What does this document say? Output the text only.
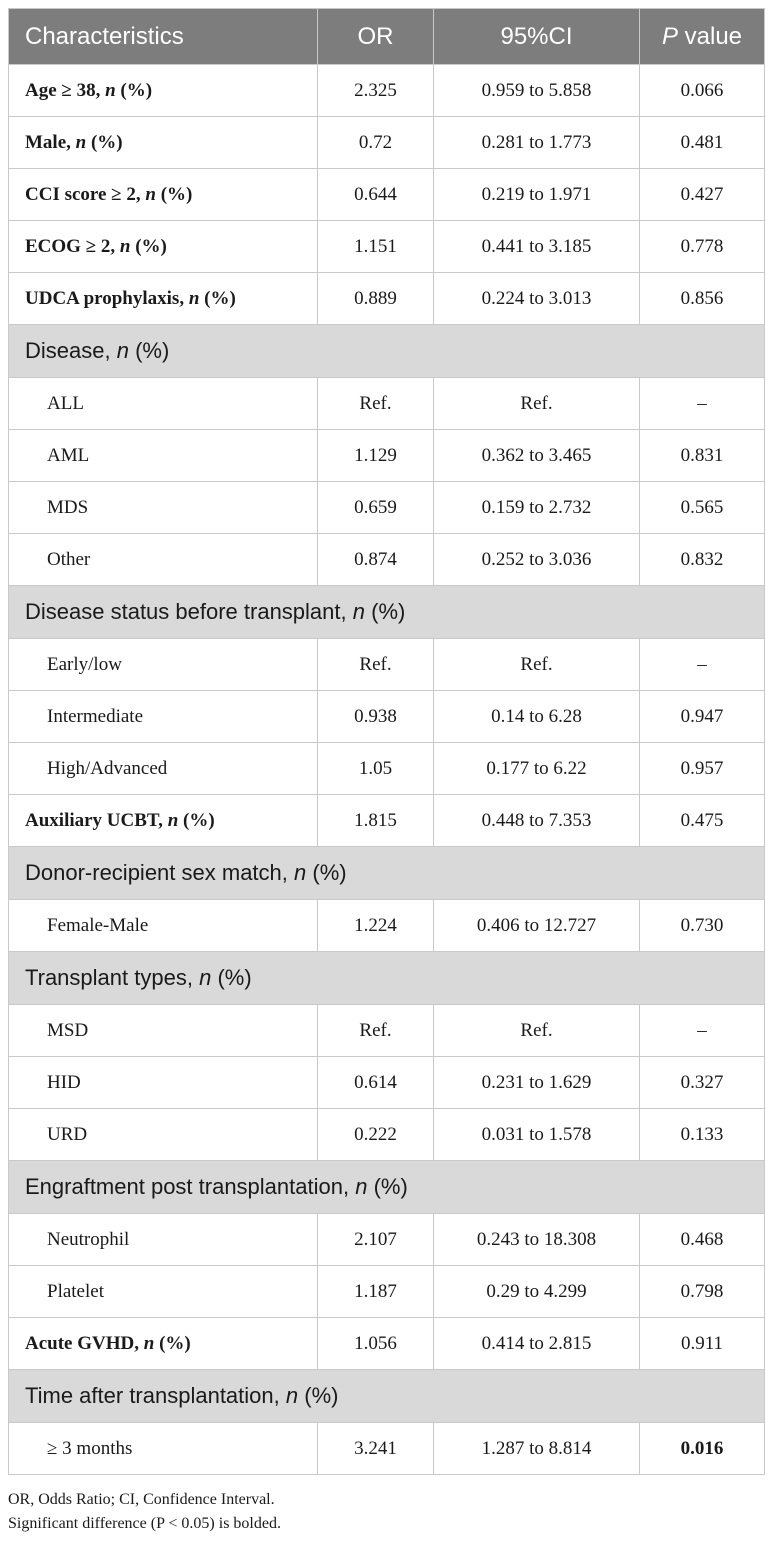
Characteristics	OR	95%CI	P value
Age ≥ 38, n (%)	2.325	0.959 to 5.858	0.066
Male, n (%)	0.72	0.281 to 1.773	0.481
CCI score ≥ 2, n (%)	0.644	0.219 to 1.971	0.427
ECOG ≥ 2, n (%)	1.151	0.441 to 3.185	0.778
UDCA prophylaxis, n (%)	0.889	0.224 to 3.013	0.856
Disease, n (%)			
ALL	Ref.	Ref.	–
AML	1.129	0.362 to 3.465	0.831
MDS	0.659	0.159 to 2.732	0.565
Other	0.874	0.252 to 3.036	0.832
Disease status before transplant, n (%)			
Early/low	Ref.	Ref.	–
Intermediate	0.938	0.14 to 6.28	0.947
High/Advanced	1.05	0.177 to 6.22	0.957
Auxiliary UCBT, n (%)	1.815	0.448 to 7.353	0.475
Donor-recipient sex match, n (%)			
Female-Male	1.224	0.406 to 12.727	0.730
Transplant types, n (%)			
MSD	Ref.	Ref.	–
HID	0.614	0.231 to 1.629	0.327
URD	0.222	0.031 to 1.578	0.133
Engraftment post transplantation, n (%)			
Neutrophil	2.107	0.243 to 18.308	0.468
Platelet	1.187	0.29 to 4.299	0.798
Acute GVHD, n (%)	1.056	0.414 to 2.815	0.911
Time after transplantation, n (%)			
≥ 3 months	3.241	1.287 to 8.814	0.016
OR, Odds Ratio; CI, Confidence Interval.
Significant difference (P < 0.05) is bolded.
